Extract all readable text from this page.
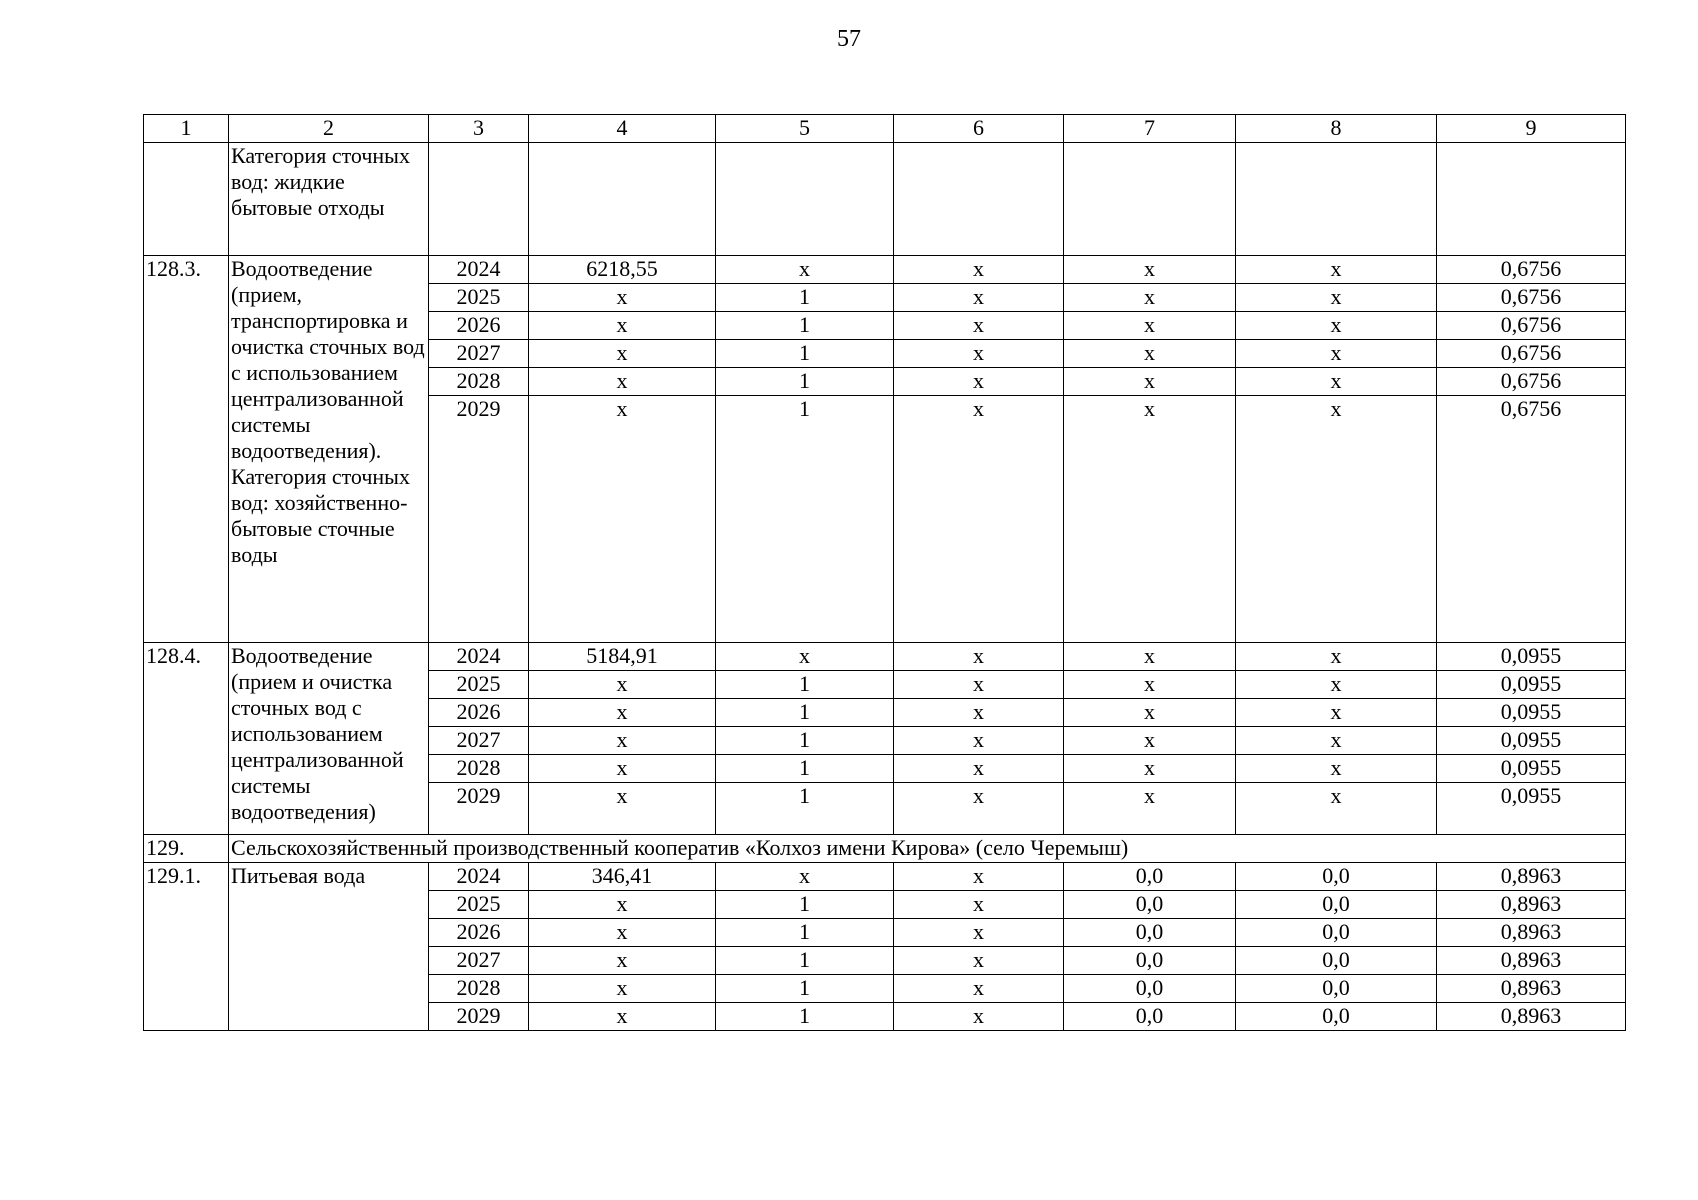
57
1	2	3	4	5	6	7	8	9
	Категория сточных вод: жидкие бытовые отходы							
128.3.	Водоотведение (прием, транспортировка и очистка сточных вод с использованием централизованной системы водоотведения). Категория сточных вод: хозяйственно-бытовые сточные воды	2024	6218,55	х	х	х	х	0,6756
		2025	х	1	х	х	х	0,6756
		2026	х	1	х	х	х	0,6756
		2027	х	1	х	х	х	0,6756
		2028	х	1	х	х	х	0,6756
		2029	х	1	х	х	х	0,6756
128.4.	Водоотведение (прием и очистка сточных вод с использованием централизованной системы водоотведения)	2024	5184,91	х	х	х	х	0,0955
		2025	х	1	х	х	х	0,0955
		2026	х	1	х	х	х	0,0955
		2027	х	1	х	х	х	0,0955
		2028	х	1	х	х	х	0,0955
		2029	х	1	х	х	х	0,0955
129.	Сельскохозяйственный производственный кооператив «Колхоз имени Кирова» (село Черемыш)							
129.1.	Питьевая вода	2024	346,41	х	х	0,0	0,0	0,8963
		2025	х	1	х	0,0	0,0	0,8963
		2026	х	1	х	0,0	0,0	0,8963
		2027	х	1	х	0,0	0,0	0,8963
		2028	х	1	х	0,0	0,0	0,8963
		2029	х	1	х	0,0	0,0	0,8963
